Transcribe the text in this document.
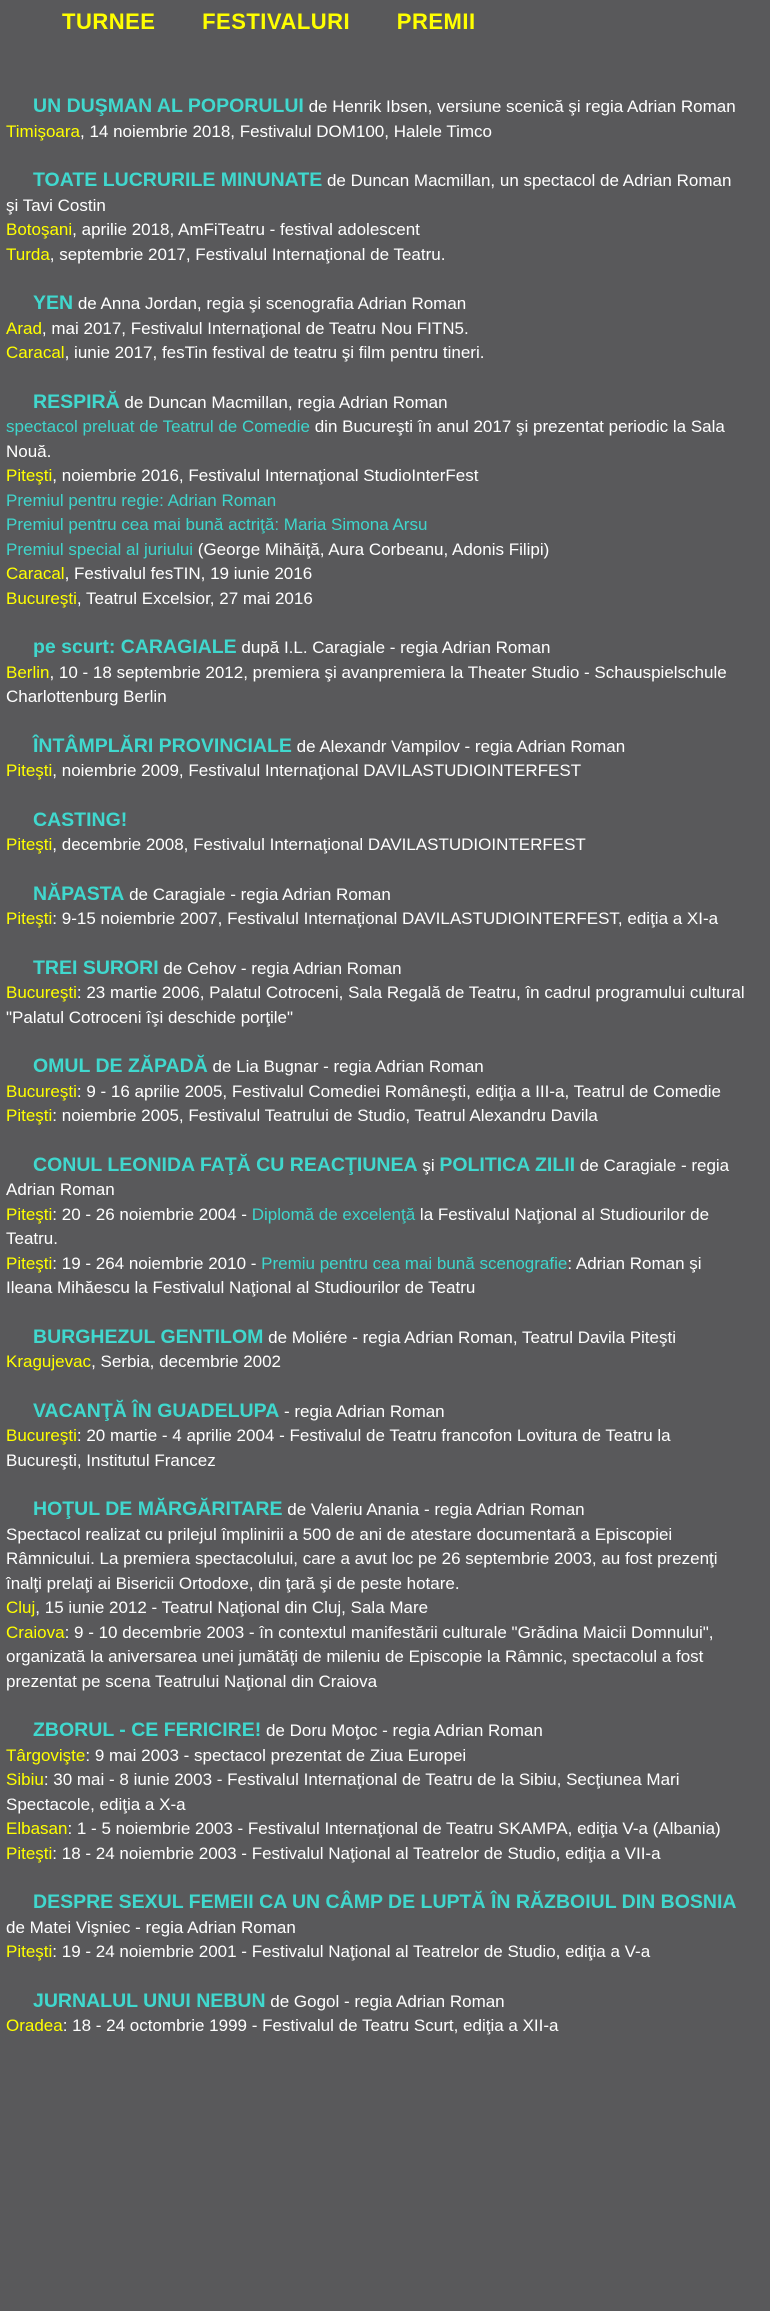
TURNEE FESTIVALURI PREMII
UN DUŞMAN AL POPORULUI de Henrik Ibsen, versiune scenică şi regia Adrian Roman
Timişoara, 14 noiembrie 2018, Festivalul DOM100, Halele Timco
TOATE LUCRURILE MINUNATE de Duncan Macmillan, un spectacol de Adrian Roman şi Tavi Costin
Botoşani, aprilie 2018, AmFiTeatru - festival adolescent
Turda, septembrie 2017, Festivalul Internaţional de Teatru.
YEN de Anna Jordan, regia şi scenografia Adrian Roman
Arad, mai 2017, Festivalul Internaţional de Teatru Nou FITN5.
Caracal, iunie 2017, fesTin festival de teatru şi film pentru tineri.
RESPIRĂ de Duncan Macmillan, regia Adrian Roman
spectacol preluat de Teatrul de Comedie din Bucureşti în anul 2017 şi prezentat periodic la Sala Nouă.
Piteşti, noiembrie 2016, Festivalul Internaţional StudioInterFest
Premiul pentru regie: Adrian Roman
Premiul pentru cea mai bună actriţă: Maria Simona Arsu
Premiul special al juriului (George Mihăiţă, Aura Corbeanu, Adonis Filipi)
Caracal, Festivalul fesTIN, 19 iunie 2016
Bucureşti, Teatrul Excelsior, 27 mai 2016
pe scurt: CARAGIALE după I.L. Caragiale - regia Adrian Roman
Berlin, 10 - 18 septembrie 2012, premiera şi avanpremiera la Theater Studio - Schauspielschule Charlottenburg Berlin
ÎNTÂMPLĂRI PROVINCIALE de Alexandr Vampilov - regia Adrian Roman
Piteşti, noiembrie 2009, Festivalul Internaţional DAVILASTUDIOINTERFEST
CASTING!
Piteşti, decembrie 2008, Festivalul Internaţional DAVILASTUDIOINTERFEST
NĂPASTA de Caragiale - regia Adrian Roman
Piteşti: 9-15 noiembrie 2007, Festivalul Internaţional DAVILASTUDIOINTERFEST, ediţia a XI-a
TREI SURORI de Cehov - regia Adrian Roman
Bucureşti: 23 martie 2006, Palatul Cotroceni, Sala Regală de Teatru, în cadrul programului cultural "Palatul Cotroceni îşi deschide porţile"
OMUL DE ZĂPADĂ de Lia Bugnar - regia Adrian Roman
Bucureşti: 9 - 16 aprilie 2005, Festivalul Comediei Româneşti, ediţia a III-a, Teatrul de Comedie
Piteşti: noiembrie 2005, Festivalul Teatrului de Studio, Teatrul Alexandru Davila
CONUL LEONIDA FAŢĂ CU REACŢIUNEA şi POLITICA ZILII de Caragiale - regia Adrian Roman
Piteşti: 20 - 26 noiembrie 2004 - Diplomă de excelenţă la Festivalul Naţional al Studiourilor de Teatru.
Piteşti: 19 - 264 noiembrie 2010 - Premiu pentru cea mai bună scenografie: Adrian Roman şi Ileana Mihăescu la Festivalul Naţional al Studiourilor de Teatru
BURGHEZUL GENTILOM de Moliére - regia Adrian Roman, Teatrul Davila Piteşti
Kragujevac, Serbia, decembrie 2002
VACANŢĂ ÎN GUADELUPA - regia Adrian Roman
Bucureşti: 20 martie - 4 aprilie 2004 - Festivalul de Teatru francofon Lovitura de Teatru la Bucureşti, Institutul Francez
HOŢUL DE MĂRGĂRITARE de Valeriu Anania - regia Adrian Roman
Spectacol realizat cu prilejul împlinirii a 500 de ani de atestare documentară a Episcopiei Râmnicului. La premiera spectacolului, care a avut loc pe 26 septembrie 2003, au fost prezenţi înalţi prelaţi ai Bisericii Ortodoxe, din ţară şi de peste hotare.
Cluj, 15 iunie 2012 - Teatrul Naţional din Cluj, Sala Mare
Craiova: 9 - 10 decembrie 2003 - în contextul manifestării culturale "Grădina Maicii Domnului", organizată la aniversarea unei jumătăţi de mileniu de Episcopie la Râmnic, spectacolul a fost prezentat pe scena Teatrului Naţional din Craiova
ZBORUL - CE FERICIRE! de Doru Moţoc - regia Adrian Roman
Târgovişte: 9 mai 2003 - spectacol prezentat de Ziua Europei
Sibiu: 30 mai - 8 iunie 2003 - Festivalul Internaţional de Teatru de la Sibiu, Secţiunea Mari Spectacole, ediţia a X-a
Elbasan: 1 - 5 noiembrie 2003 - Festivalul Internaţional de Teatru SKAMPA, ediţia V-a (Albania)
Piteşti: 18 - 24 noiembrie 2003 - Festivalul Naţional al Teatrelor de Studio, ediţia a VII-a
DESPRE SEXUL FEMEII CA UN CÂMP DE LUPTĂ ÎN RĂZBOIUL DIN BOSNIA de Matei Vişniec - regia Adrian Roman
Piteşti: 19 - 24 noiembrie 2001 - Festivalul Naţional al Teatrelor de Studio, ediţia a V-a
JURNALUL UNUI NEBUN de Gogol - regia Adrian Roman
Oradea: 18 - 24 octombrie 1999 - Festivalul de Teatru Scurt, ediţia a XII-a
